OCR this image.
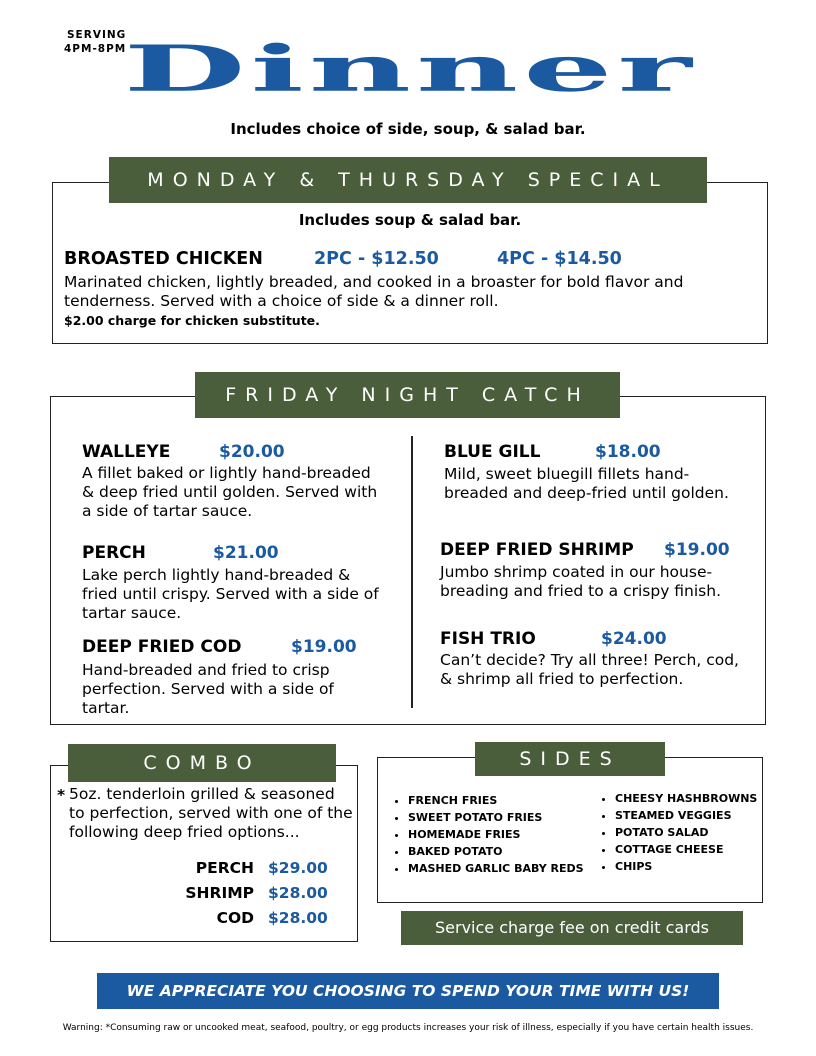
SERVING
4PM-8PM
Dinner
Includes choice of side, soup, & salad bar.
MONDAY & THURSDAY SPECIAL
Includes soup & salad bar.
BROASTED CHICKEN	2PC - $12.50	4PC - $14.50
Marinated chicken, lightly breaded, and cooked in a broaster for bold flavor and tenderness. Served with a choice of side & a dinner roll.
$2.00 charge for chicken substitute.
FRIDAY NIGHT CATCH
WALLEYE	$20.00
A fillet baked or lightly hand-breaded & deep fried until golden. Served with a side of tartar sauce.
PERCH	$21.00
Lake perch lightly hand-breaded & fried until crispy. Served with a side of tartar sauce.
DEEP FRIED COD	$19.00
Hand-breaded and fried to crisp perfection. Served with a side of tartar.
BLUE GILL	$18.00
Mild, sweet bluegill fillets hand-breaded and deep-fried until golden.
DEEP FRIED SHRIMP $19.00
Jumbo shrimp coated in our house-breading and fried to a crispy finish.
FISH TRIO	$24.00
Can’t decide? Try all three! Perch, cod, & shrimp all fried to perfection.
COMBO
* 5oz. tenderloin grilled & seasoned to perfection, served with one of the following deep fried options...
PERCH $29.00
SHRIMP $28.00
COD $28.00
SIDES
• FRENCH FRIES
• SWEET POTATO FRIES
• HOMEMADE FRIES
• BAKED POTATO
• MASHED GARLIC BABY REDS
• CHEESY HASHBROWNS
• STEAMED VEGGIES
• POTATO SALAD
• COTTAGE CHEESE
• CHIPS
Service charge fee on credit cards
WE APPRECIATE YOU CHOOSING TO SPEND YOUR TIME WITH US!
Warning: *Consuming raw or uncooked meat, seafood, poultry, or egg products increases your risk of illness, especially if you have certain health issues.
